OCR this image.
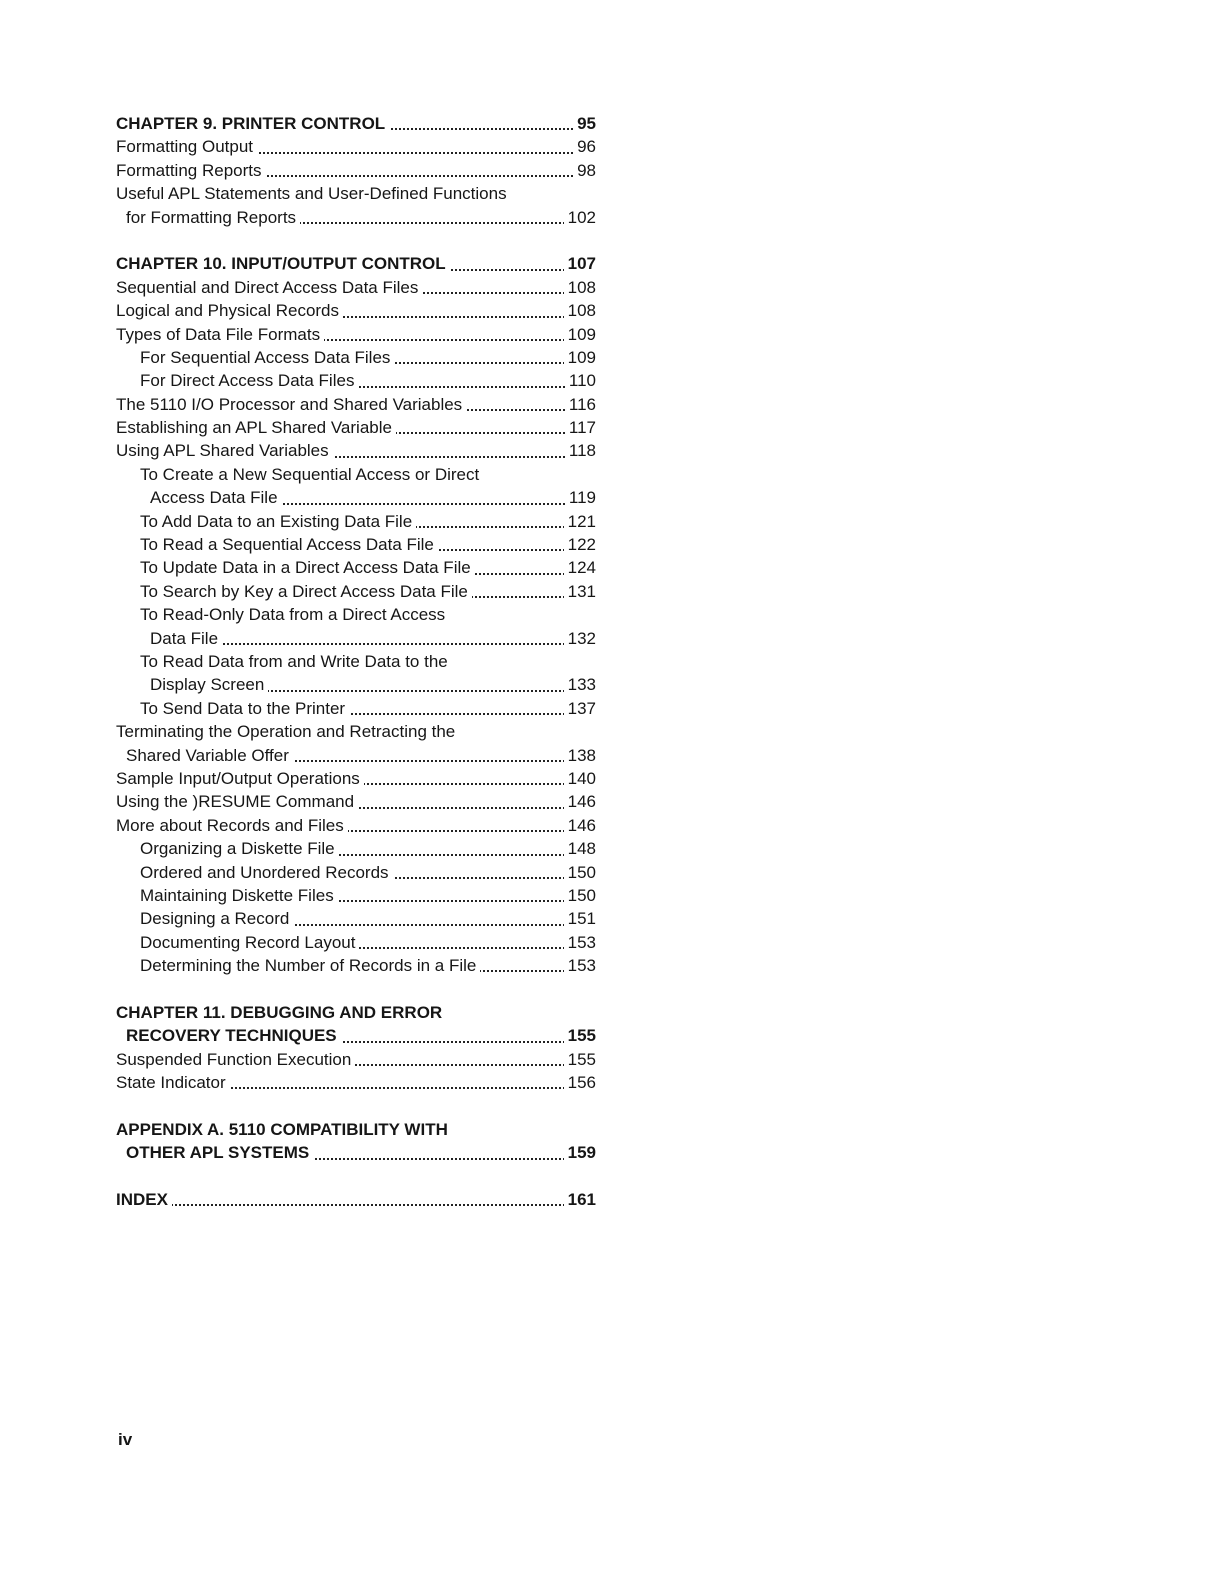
CHAPTER 9. PRINTER CONTROL	95
Formatting Output	96
Formatting Reports	98
Useful APL Statements and User-Defined Functions
for Formatting Reports	102
CHAPTER 10. INPUT/OUTPUT CONTROL	107
Sequential and Direct Access Data Files	108
Logical and Physical Records	108
Types of Data File Formats	109
For Sequential Access Data Files	109
For Direct Access Data Files	110
The 5110 I/O Processor and Shared Variables	116
Establishing an APL Shared Variable	117
Using APL Shared Variables	118
To Create a New Sequential Access or Direct
Access Data File	119
To Add Data to an Existing Data File	121
To Read a Sequential Access Data File	122
To Update Data in a Direct Access Data File	124
To Search by Key a Direct Access Data File	131
To Read-Only Data from a Direct Access
Data File	132
To Read Data from and Write Data to the
Display Screen	133
To Send Data to the Printer	137
Terminating the Operation and Retracting the
Shared Variable Offer	138
Sample Input/Output Operations	140
Using the )RESUME Command	146
More about Records and Files	146
Organizing a Diskette File	148
Ordered and Unordered Records	150
Maintaining Diskette Files	150
Designing a Record	151
Documenting Record Layout	153
Determining the Number of Records in a File	153
CHAPTER 11. DEBUGGING AND ERROR
RECOVERY TECHNIQUES	155
Suspended Function Execution	155
State Indicator	156
APPENDIX A. 5110 COMPATIBILITY WITH
OTHER APL SYSTEMS	159
INDEX	161
iv
